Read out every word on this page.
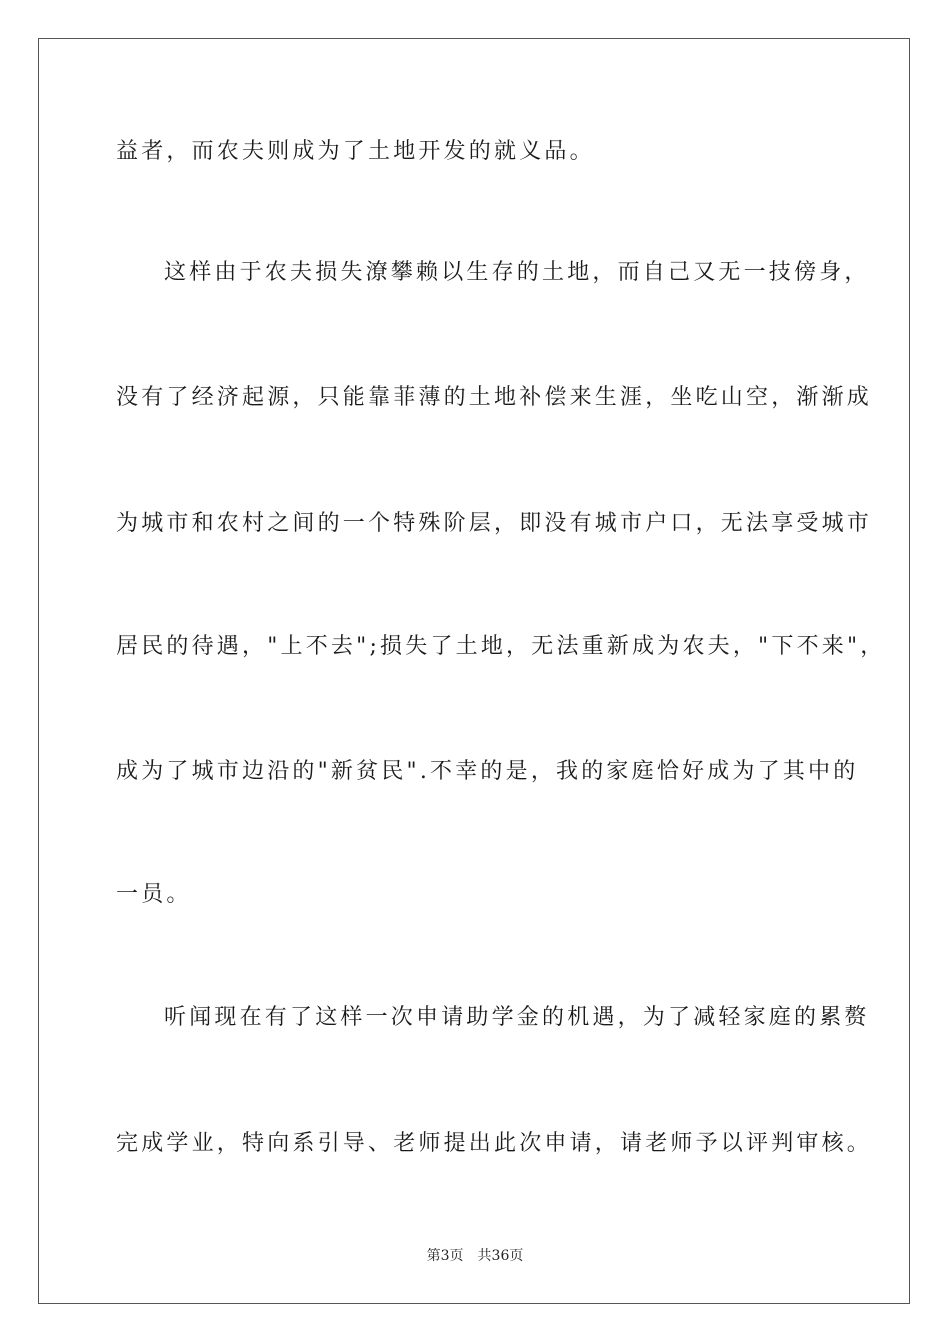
益者，而农夫则成为了土地开发的就义品。
这样由于农夫损失潦攀赖以生存的土地，而自己又无一技傍身，
没有了经济起源，只能靠菲薄的土地补偿来生涯，坐吃山空，渐渐成
为城市和农村之间的一个特殊阶层，即没有城市户口，无法享受城市
居民的待遇，"上不去";损失了土地，无法重新成为农夫，"下不来"，
成为了城市边沿的"新贫民".不幸的是，我的家庭恰好成为了其中的
一员。
听闻现在有了这样一次申请助学金的机遇，为了减轻家庭的累赘
完成学业，特向系引导、老师提出此次申请，请老师予以评判审核。
第3页 共36页
